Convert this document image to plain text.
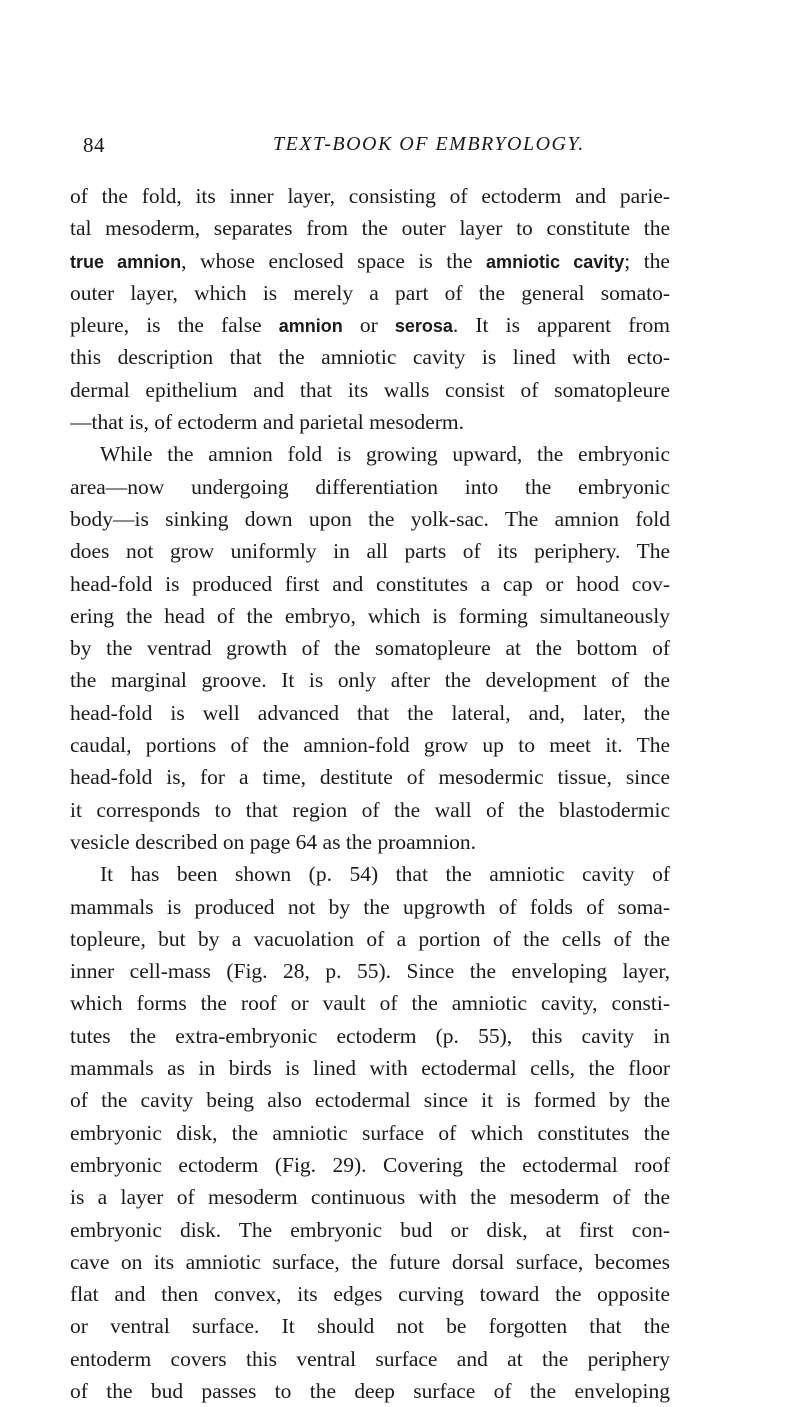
84	TEXT-BOOK OF EMBRYOLOGY.
of the fold, its inner layer, consisting of ectoderm and parie-
tal mesoderm, separates from the outer layer to constitute the
true amnion, whose enclosed space is the amniotic cavity; the
outer layer, which is merely a part of the general somato-
pleure, is the false amnion or serosa. It is apparent from
this description that the amniotic cavity is lined with ecto-
dermal epithelium and that its walls consist of somatopleure
—that is, of ectoderm and parietal mesoderm.
While the amnion fold is growing upward, the embryonic
area—now undergoing differentiation into the embryonic
body—is sinking down upon the yolk-sac. The amnion fold
does not grow uniformly in all parts of its periphery. The
head-fold is produced first and constitutes a cap or hood cov-
ering the head of the embryo, which is forming simultaneously
by the ventrad growth of the somatopleure at the bottom of
the marginal groove. It is only after the development of the
head-fold is well advanced that the lateral, and, later, the
caudal, portions of the amnion-fold grow up to meet it. The
head-fold is, for a time, destitute of mesodermic tissue, since
it corresponds to that region of the wall of the blastodermic
vesicle described on page 64 as the proamnion.
It has been shown (p. 54) that the amniotic cavity of
mammals is produced not by the upgrowth of folds of soma-
topleure, but by a vacuolation of a portion of the cells of the
inner cell-mass (Fig. 28, p. 55). Since the enveloping layer,
which forms the roof or vault of the amniotic cavity, consti-
tutes the extra-embryonic ectoderm (p. 55), this cavity in
mammals as in birds is lined with ectodermal cells, the floor
of the cavity being also ectodermal since it is formed by the
embryonic disk, the amniotic surface of which constitutes the
embryonic ectoderm (Fig. 29). Covering the ectodermal roof
is a layer of mesoderm continuous with the mesoderm of the
embryonic disk. The embryonic bud or disk, at first con-
cave on its amniotic surface, the future dorsal surface, becomes
flat and then convex, its edges curving toward the opposite
or ventral surface. It should not be forgotten that the
entoderm covers this ventral surface and at the periphery
of the bud passes to the deep surface of the enveloping
